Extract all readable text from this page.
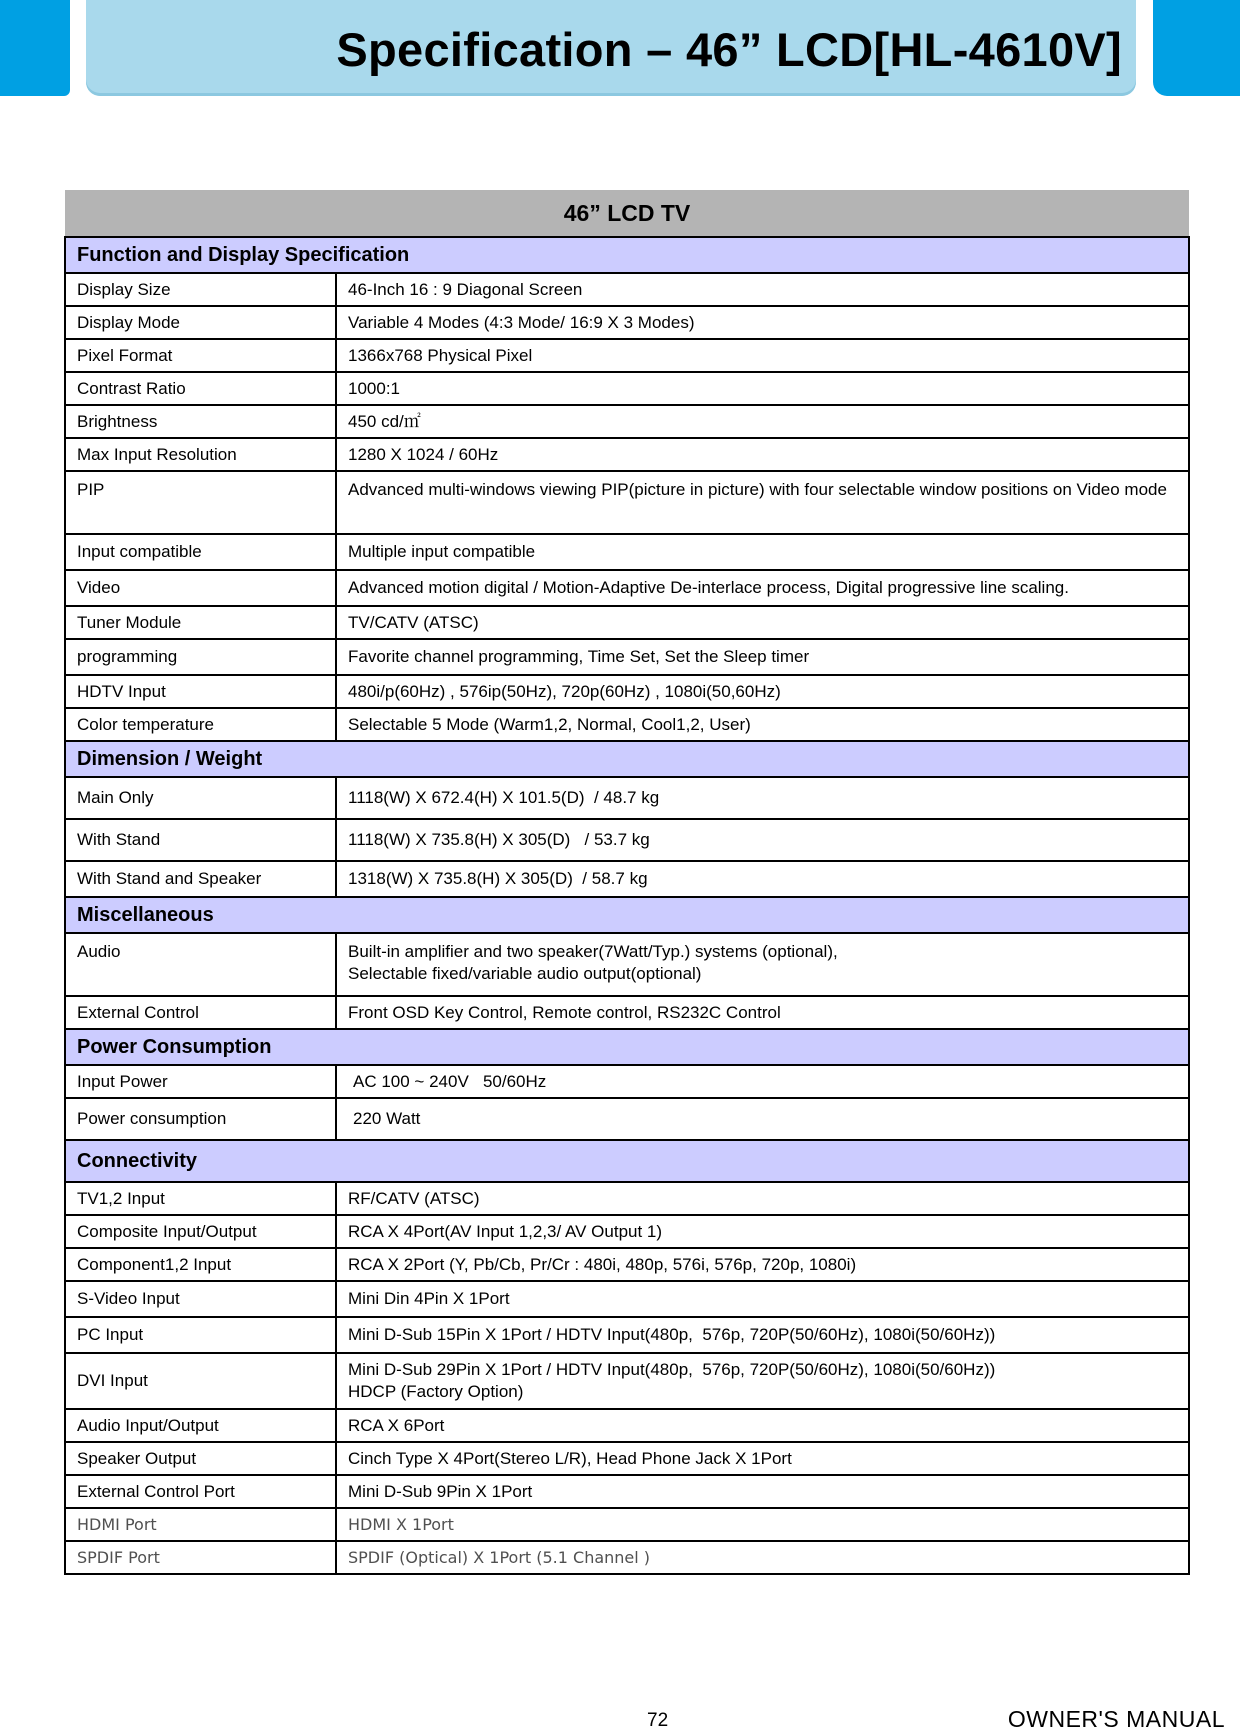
Specification – 46” LCD[HL-4610V]
46” LCD TV	
Function and Display Specification	
Display Size	46-Inch 16 : 9 Diagonal Screen
Display Mode	Variable 4 Modes (4:3 Mode/ 16:9 X 3 Modes)
Pixel Format	1366x768 Physical Pixel
Contrast Ratio	1000:1
Brightness	450 cd/㎡
Max Input Resolution	1280 X 1024 / 60Hz
PIP	Advanced multi-windows viewing PIP(picture in picture) with four selectable window positions on Video mode
Input compatible	Multiple input compatible
Video	Advanced motion digital / Motion-Adaptive De-interlace process, Digital progressive line scaling.
Tuner Module	TV/CATV (ATSC)
programming	Favorite channel programming, Time Set, Set the Sleep timer
HDTV Input	480i/p(60Hz) , 576ip(50Hz), 720p(60Hz) , 1080i(50,60Hz)
Color temperature	Selectable 5 Mode (Warm1,2, Normal, Cool1,2, User)
Dimension / Weight	
Main Only	1118(W) X 672.4(H) X 101.5(D)  / 48.7 kg
With Stand	1118(W) X 735.8(H) X 305(D)   / 53.7 kg
With Stand and Speaker	1318(W) X 735.8(H) X 305(D)  / 58.7 kg
Miscellaneous	
Audio	Built-in amplifier and two speaker(7Watt/Typ.) systems (optional),
Selectable fixed/variable audio output(optional)

External Control	Front OSD Key Control, Remote control, RS232C Control
Power Consumption	
Input Power	AC 100 ~ 240V   50/60Hz
Power consumption	220 Watt
Connectivity	
TV1,2 Input	RF/CATV (ATSC)
Composite Input/Output	RCA X 4Port(AV Input 1,2,3/ AV Output 1)
Component1,2 Input	RCA X 2Port (Y, Pb/Cb, Pr/Cr : 480i, 480p, 576i, 576p, 720p, 1080i)
S-Video Input	Mini Din 4Pin X 1Port
PC Input	Mini D-Sub 15Pin X 1Port / HDTV Input(480p,  576p, 720P(50/60Hz), 1080i(50/60Hz))
DVI Input	Mini D-Sub 29Pin X 1Port / HDTV Input(480p,  576p, 720P(50/60Hz), 1080i(50/60Hz))
HDCP (Factory Option)

Audio Input/Output	RCA X 6Port
Speaker Output	Cinch Type X 4Port(Stereo L/R), Head Phone Jack X 1Port
External Control Port	Mini D-Sub 9Pin X 1Port
HDMI Port	HDMI X 1Port
SPDIF Port	SPDIF (Optical) X 1Port (5.1 Channel )
72	OWNER'S MANUAL
